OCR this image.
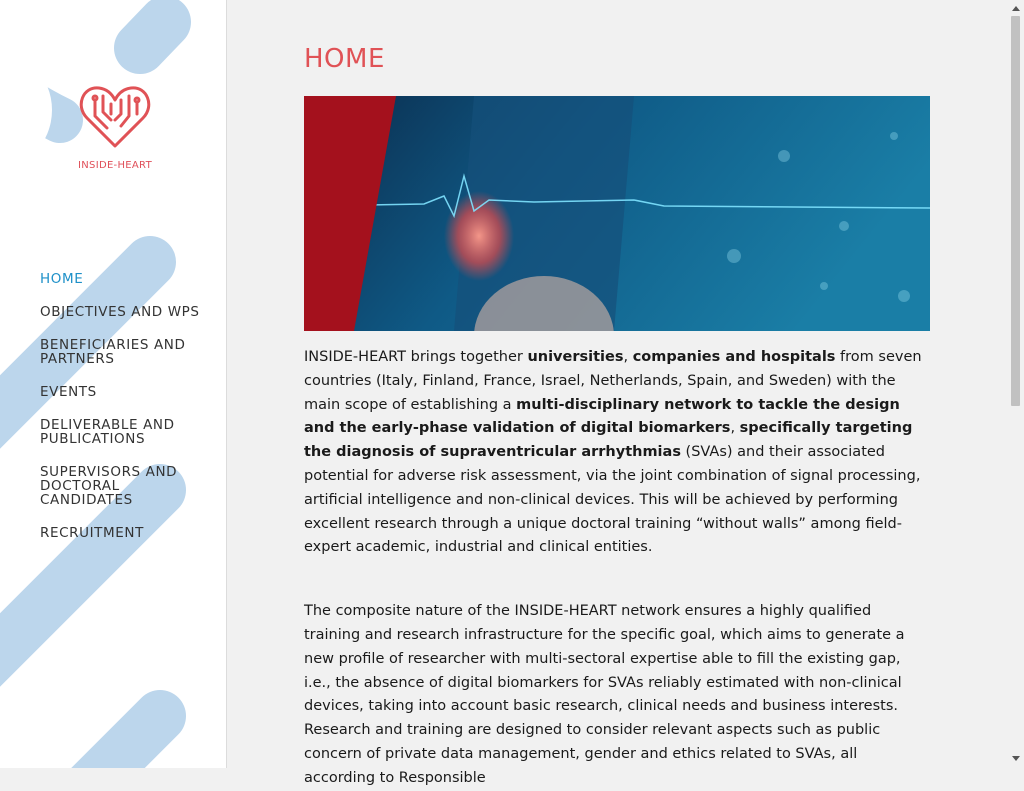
INSIDE-HEART
HOME
OBJECTIVES AND WPS
BENEFICIARIES AND PARTNERS
EVENTS
DELIVERABLE AND PUBLICATIONS
SUPERVISORS AND DOCTORAL CANDIDATES
RECRUITMENT
HOME

INSIDE-HEART brings together universities, companies and hospitals from seven countries (Italy, Finland, France, Israel, Netherlands, Spain, and Sweden) with the main scope of establishing a multi-disciplinary network to tackle the design and the early-phase validation of digital biomarkers, specifically targeting the diagnosis of supraventricular arrhythmias (SVAs) and their associated potential for adverse risk assessment, via the joint combination of signal processing, artificial intelligence and non-clinical devices. This will be achieved by performing excellent research through a unique doctoral training “without walls” among field-expert academic, industrial and clinical entities.

The composite nature of the INSIDE-HEART network ensures a highly qualified training and research infrastructure for the specific goal, which aims to generate a new profile of researcher with multi-sectoral expertise able to fill the existing gap, i.e., the absence of digital biomarkers for SVAs reliably estimated with non-clinical devices, taking into account basic research, clinical needs and business interests. Research and training are designed to consider relevant aspects such as public concern of private data management, gender and ethics related to SVAs, all according to Responsible
